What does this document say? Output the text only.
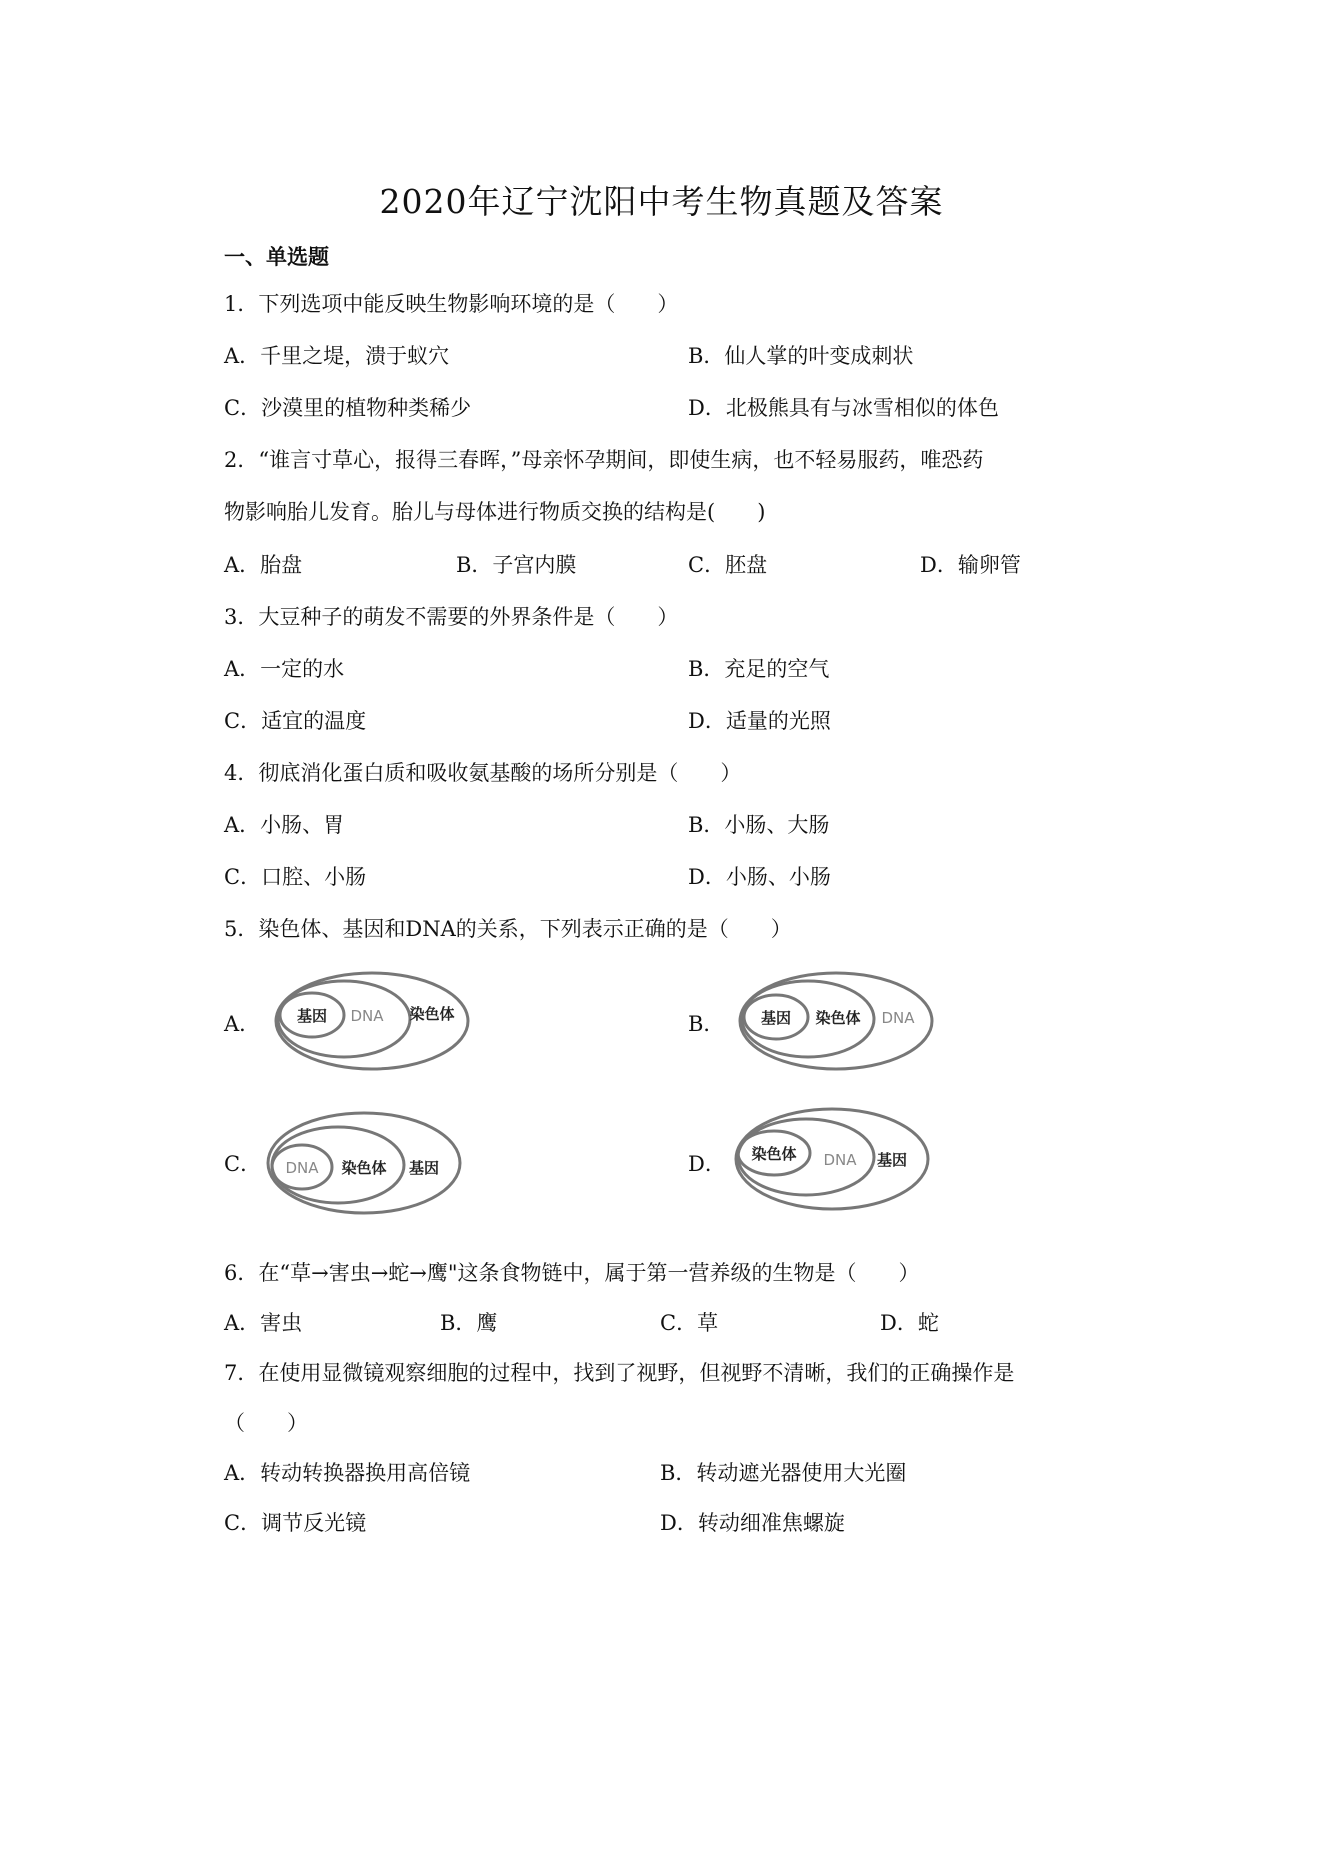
2020年辽宁沈阳中考生物真题及答案
一、单选题
1．下列选项中能反映生物影响环境的是（　　）
A．千里之堤，溃于蚁穴	B．仙人掌的叶变成刺状
C．沙漠里的植物种类稀少	D．北极熊具有与冰雪相似的体色
2．“谁言寸草心，报得三春晖，”母亲怀孕期间，即使生病，也不轻易服药，唯恐药
物影响胎儿发育。胎儿与母体进行物质交换的结构是(　　)
A．胎盘	B．子宫内膜	C．胚盘	D．输卵管
3．大豆种子的萌发不需要的外界条件是（　　）
A．一定的水	B．充足的空气
C．适宜的温度	D．适量的光照
4．彻底消化蛋白质和吸收氨基酸的场所分别是（　　）
A．小肠、胃	B．小肠、大肠
C．口腔、小肠	D．小肠、小肠
5．染色体、基因和DNA的关系，下列表示正确的是（　　）
A． 基因 DNA 染色体	B． 基因 染色体 DNA
C． DNA 染色体 基因	D． 染色体 DNA 基因
6．在“草→害虫→蛇→鹰"这条食物链中，属于第一营养级的生物是（　　）
A．害虫	B．鹰	C．草	D．蛇
7．在使用显微镜观察细胞的过程中，找到了视野，但视野不清晰，我们的正确操作是
（　　）
A．转动转换器换用高倍镜	B．转动遮光器使用大光圈
C．调节反光镜	D．转动细准焦螺旋
